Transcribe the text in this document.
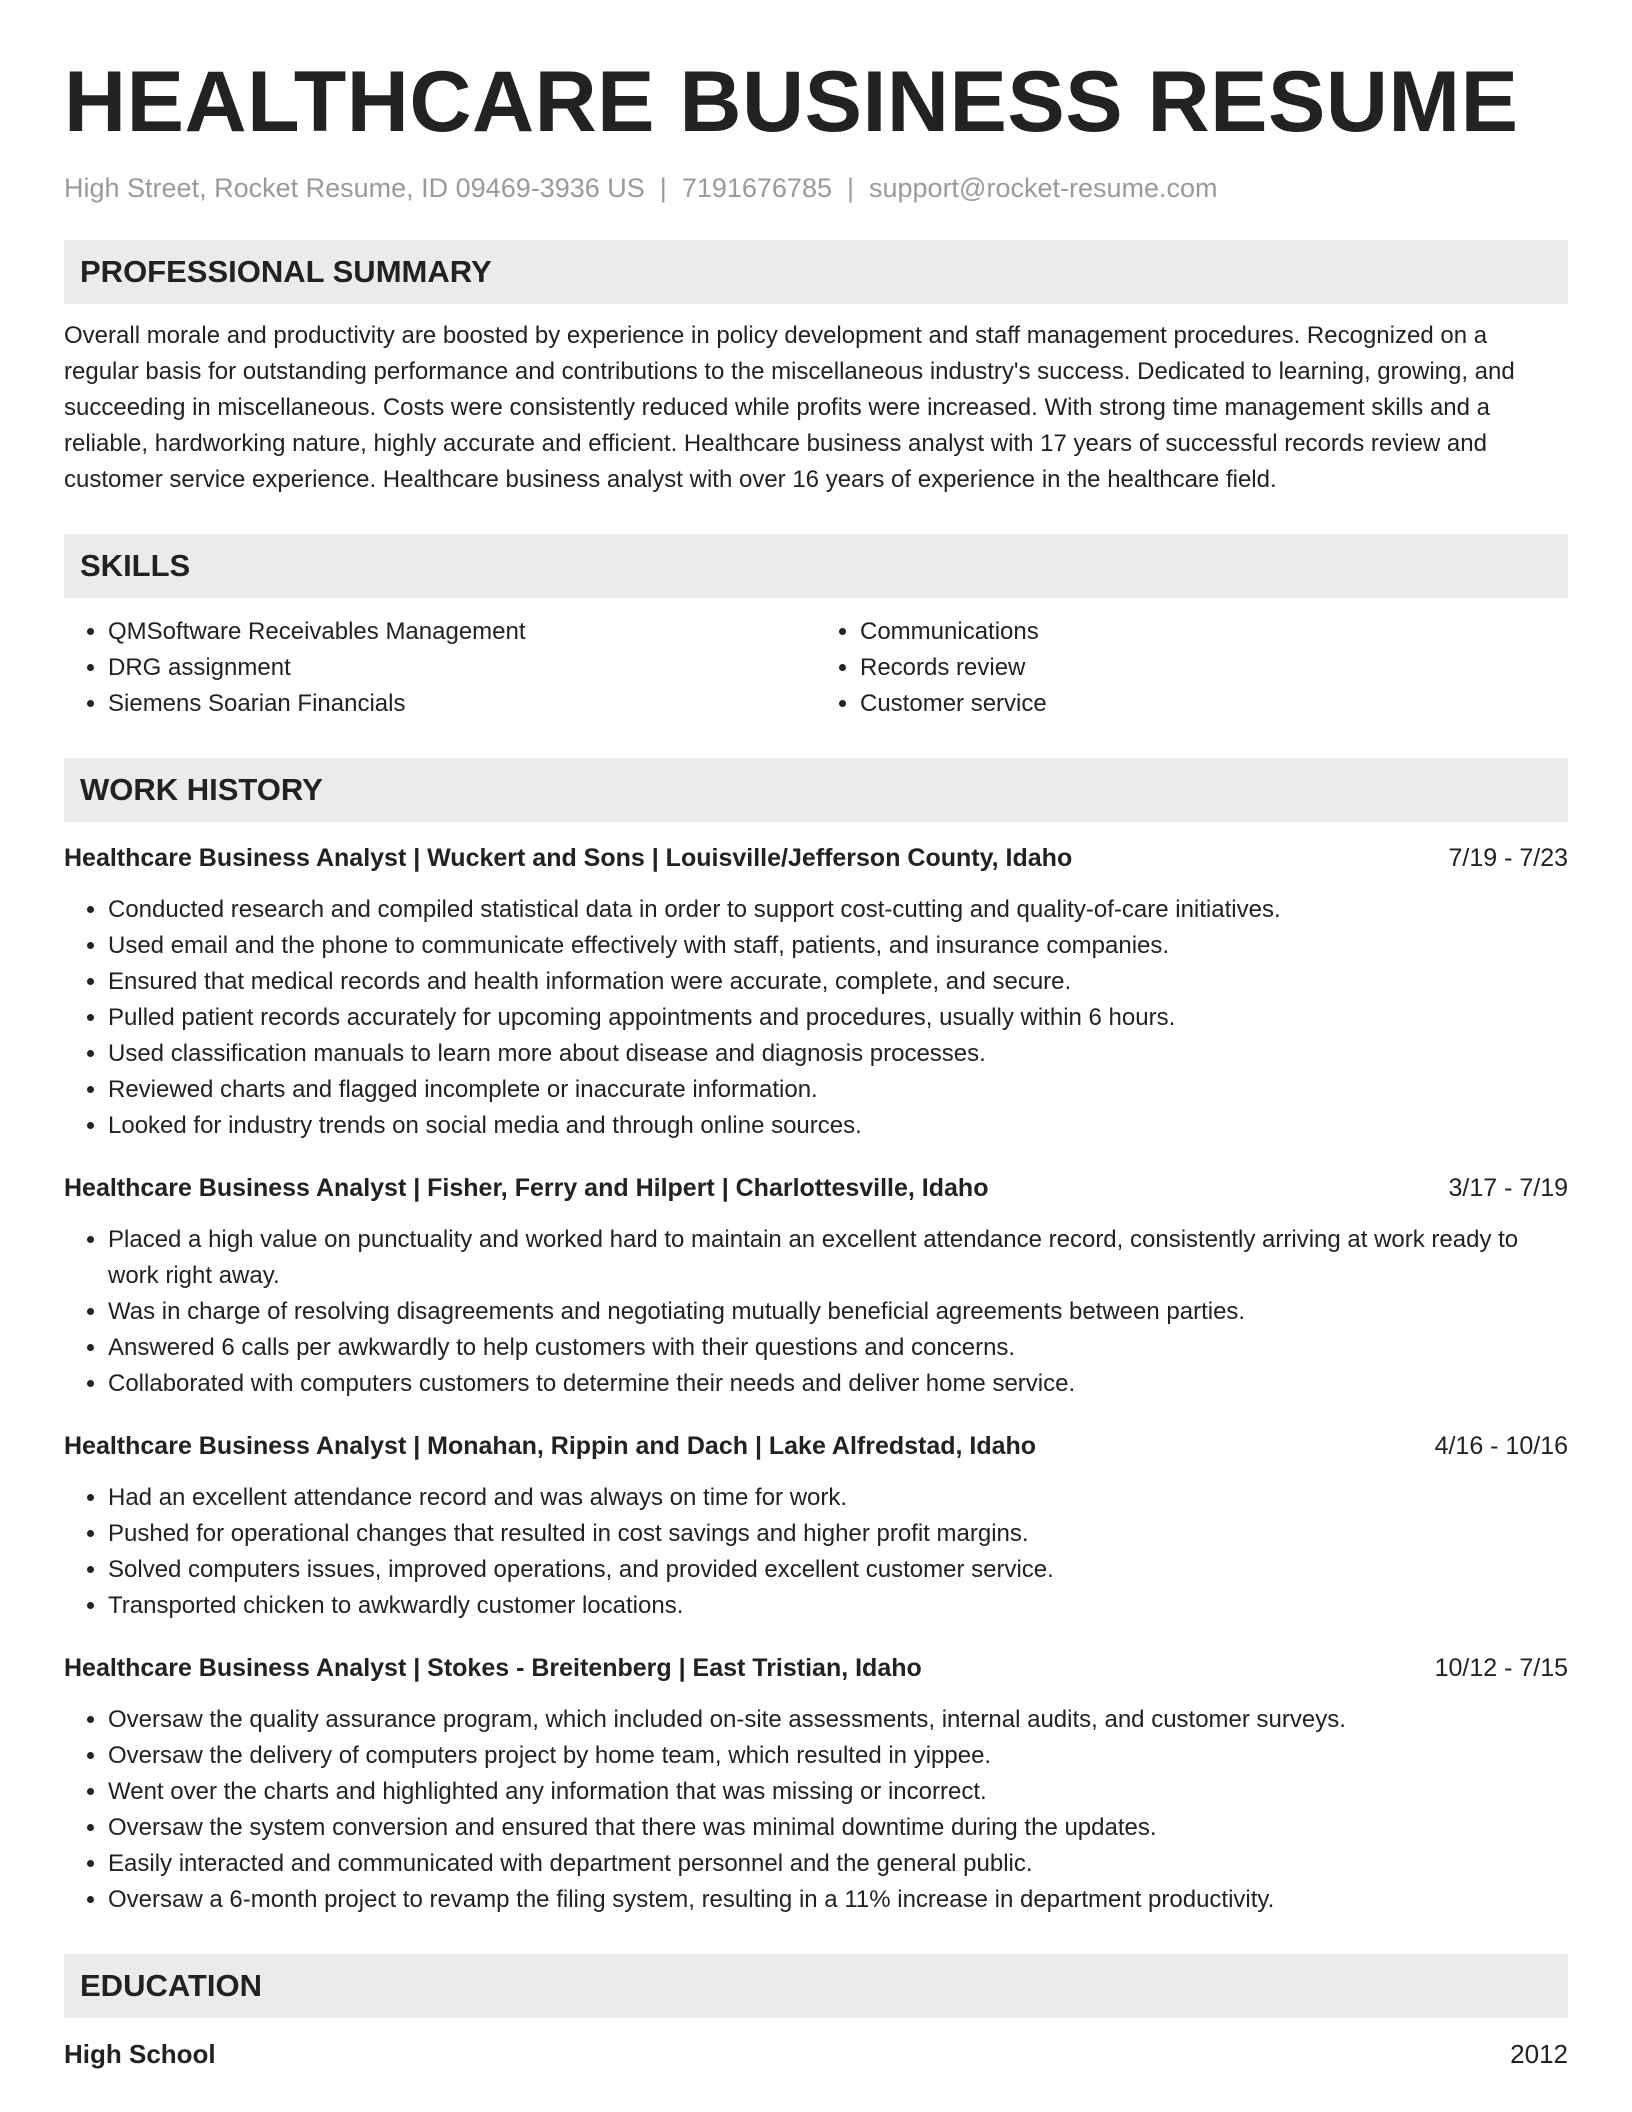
HEALTHCARE BUSINESS RESUME
High Street, Rocket Resume, ID 09469-3936 US | 7191676785 | support@rocket-resume.com
PROFESSIONAL SUMMARY

Overall morale and productivity are boosted by experience in policy development and staff management procedures. Recognized on a regular basis for outstanding performance and contributions to the miscellaneous industry's success. Dedicated to learning, growing, and succeeding in miscellaneous. Costs were consistently reduced while profits were increased. With strong time management skills and a reliable, hardworking nature, highly accurate and efficient. Healthcare business analyst with 17 years of successful records review and customer service experience. Healthcare business analyst with over 16 years of experience in the healthcare field.

SKILLS
• QMSoftware Receivables Management
• DRG assignment
• Siemens Soarian Financials
• Communications
• Records review
• Customer service
WORK HISTORY
Healthcare Business Analyst | Wuckert and Sons | Louisville/Jefferson County, Idaho	7/19 - 7/23
• Conducted research and compiled statistical data in order to support cost-cutting and quality-of-care initiatives.
• Used email and the phone to communicate effectively with staff, patients, and insurance companies.
• Ensured that medical records and health information were accurate, complete, and secure.
• Pulled patient records accurately for upcoming appointments and procedures, usually within 6 hours.
• Used classification manuals to learn more about disease and diagnosis processes.
• Reviewed charts and flagged incomplete or inaccurate information.
• Looked for industry trends on social media and through online sources.
Healthcare Business Analyst | Fisher, Ferry and Hilpert | Charlottesville, Idaho	3/17 - 7/19
• Placed a high value on punctuality and worked hard to maintain an excellent attendance record, consistently arriving at work ready to work right away.
• Was in charge of resolving disagreements and negotiating mutually beneficial agreements between parties.
• Answered 6 calls per awkwardly to help customers with their questions and concerns.
• Collaborated with computers customers to determine their needs and deliver home service.
Healthcare Business Analyst | Monahan, Rippin and Dach | Lake Alfredstad, Idaho	4/16 - 10/16
• Had an excellent attendance record and was always on time for work.
• Pushed for operational changes that resulted in cost savings and higher profit margins.
• Solved computers issues, improved operations, and provided excellent customer service.
• Transported chicken to awkwardly customer locations.
Healthcare Business Analyst | Stokes - Breitenberg | East Tristian, Idaho	10/12 - 7/15
• Oversaw the quality assurance program, which included on-site assessments, internal audits, and customer surveys.
• Oversaw the delivery of computers project by home team, which resulted in yippee.
• Went over the charts and highlighted any information that was missing or incorrect.
• Oversaw the system conversion and ensured that there was minimal downtime during the updates.
• Easily interacted and communicated with department personnel and the general public.
• Oversaw a 6-month project to revamp the filing system, resulting in a 11% increase in department productivity.
EDUCATION
High School	2012
